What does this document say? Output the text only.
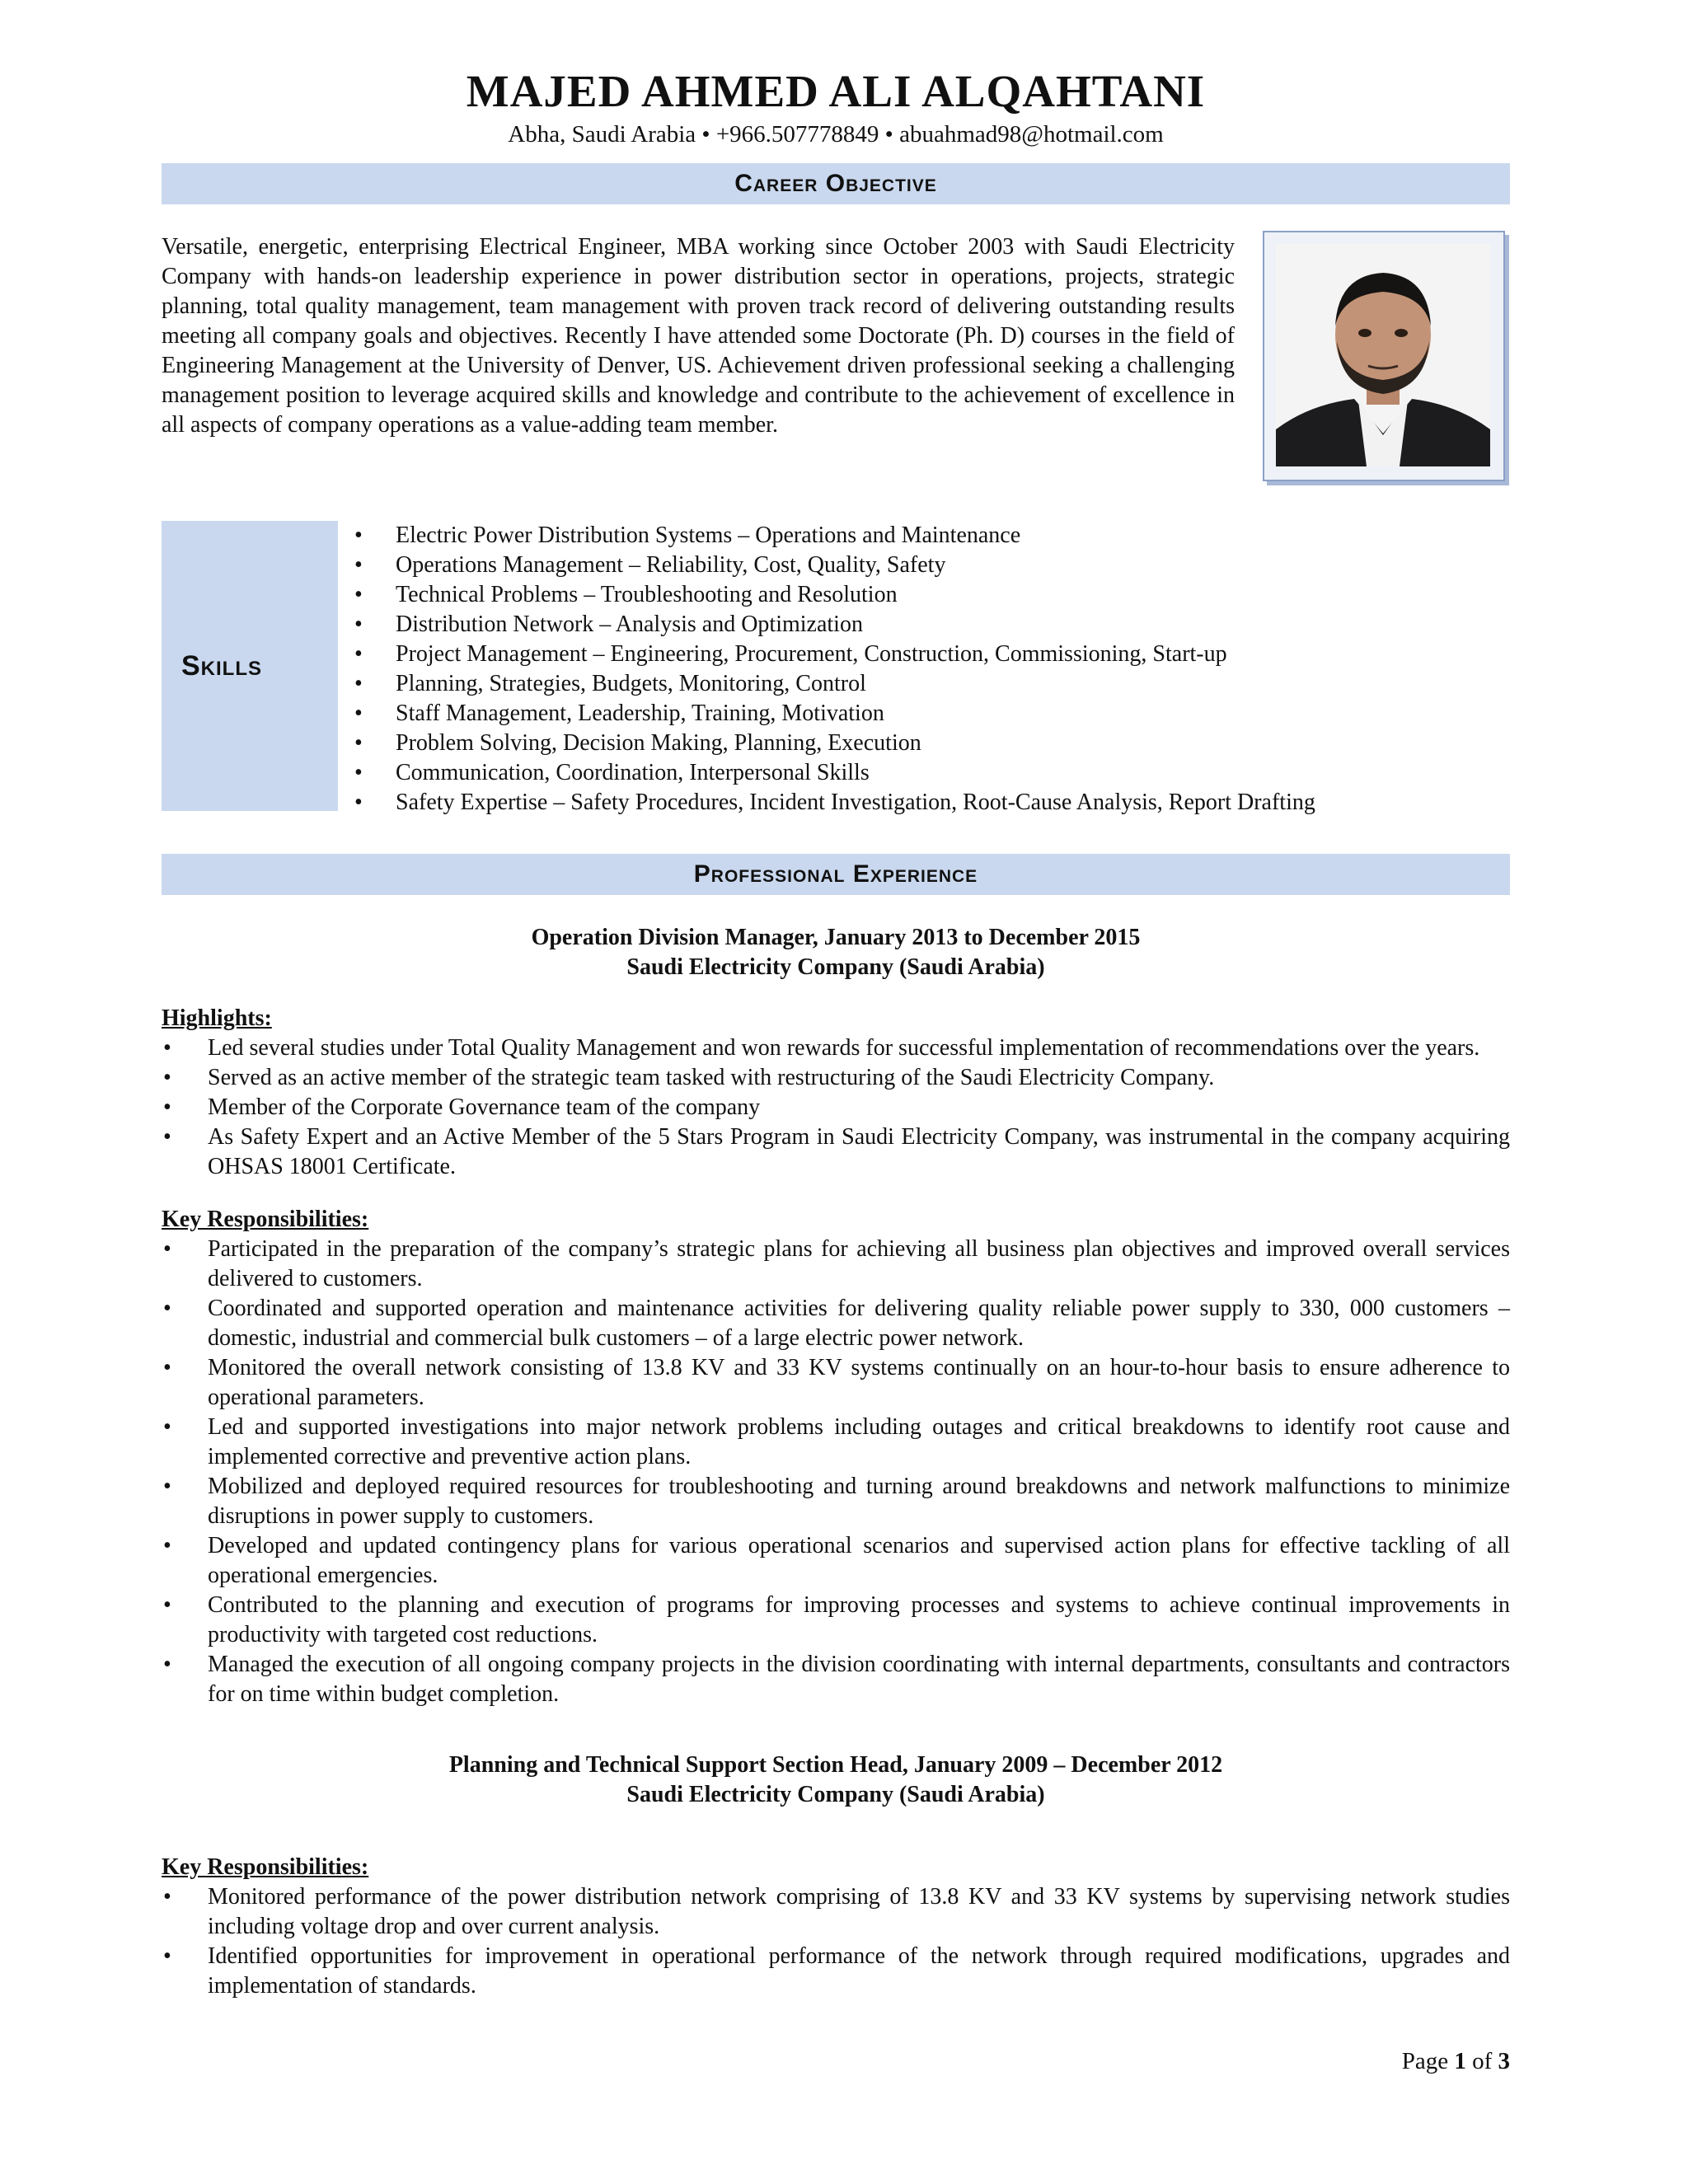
MAJED AHMED ALI ALQAHTANI
Abha, Saudi Arabia • +966.507778849 • abuahmad98@hotmail.com
Career Objective
Versatile, energetic, enterprising Electrical Engineer, MBA working since October 2003 with Saudi Electricity Company with hands-on leadership experience in power distribution sector in operations, projects, strategic planning, total quality management, team management with proven track record of delivering outstanding results meeting all company goals and objectives. Recently I have attended some Doctorate (Ph. D) courses in the field of Engineering Management at the University of Denver, US. Achievement driven professional seeking a challenging management position to leverage acquired skills and knowledge and contribute to the achievement of excellence in all aspects of company operations as a value-adding team member.
Skills
• Electric Power Distribution Systems – Operations and Maintenance
• Operations Management – Reliability, Cost, Quality, Safety
• Technical Problems – Troubleshooting and Resolution
• Distribution Network – Analysis and Optimization
• Project Management – Engineering, Procurement, Construction, Commissioning, Start-up
• Planning, Strategies, Budgets, Monitoring, Control
• Staff Management, Leadership, Training, Motivation
• Problem Solving, Decision Making, Planning, Execution
• Communication, Coordination, Interpersonal Skills
• Safety Expertise – Safety Procedures, Incident Investigation, Root-Cause Analysis, Report Drafting
Professional Experience
Operation Division Manager, January 2013 to December 2015
Saudi Electricity Company (Saudi Arabia)

Highlights:

• Led several studies under Total Quality Management and won rewards for successful implementation of recommendations over the years.
• Served as an active member of the strategic team tasked with restructuring of the Saudi Electricity Company.
• Member of the Corporate Governance team of the company
• As Safety Expert and an Active Member of the 5 Stars Program in Saudi Electricity Company, was instrumental in the company acquiring OHSAS 18001 Certificate.

Key Responsibilities:

• Participated in the preparation of the company’s strategic plans for achieving all business plan objectives and improved overall services delivered to customers.
• Coordinated and supported operation and maintenance activities for delivering quality reliable power supply to 330, 000 customers – domestic, industrial and commercial bulk customers – of a large electric power network.
• Monitored the overall network consisting of 13.8 KV and 33 KV systems continually on an hour-to-hour basis to ensure adherence to operational parameters.
• Led and supported investigations into major network problems including outages and critical breakdowns to identify root cause and implemented corrective and preventive action plans.
• Mobilized and deployed required resources for troubleshooting and turning around breakdowns and network malfunctions to minimize disruptions in power supply to customers.
• Developed and updated contingency plans for various operational scenarios and supervised action plans for effective tackling of all operational emergencies.
• Contributed to the planning and execution of programs for improving processes and systems to achieve continual improvements in productivity with targeted cost reductions.
• Managed the execution of all ongoing company projects in the division coordinating with internal departments, consultants and contractors for on time within budget completion.
Planning and Technical Support Section Head, January 2009 – December 2012
Saudi Electricity Company (Saudi Arabia)

Key Responsibilities:

• Monitored performance of the power distribution network comprising of 13.8 KV and 33 KV systems by supervising network studies including voltage drop and over current analysis.
• Identified opportunities for improvement in operational performance of the network through required modifications, upgrades and implementation of standards.
Page 1 of 3
